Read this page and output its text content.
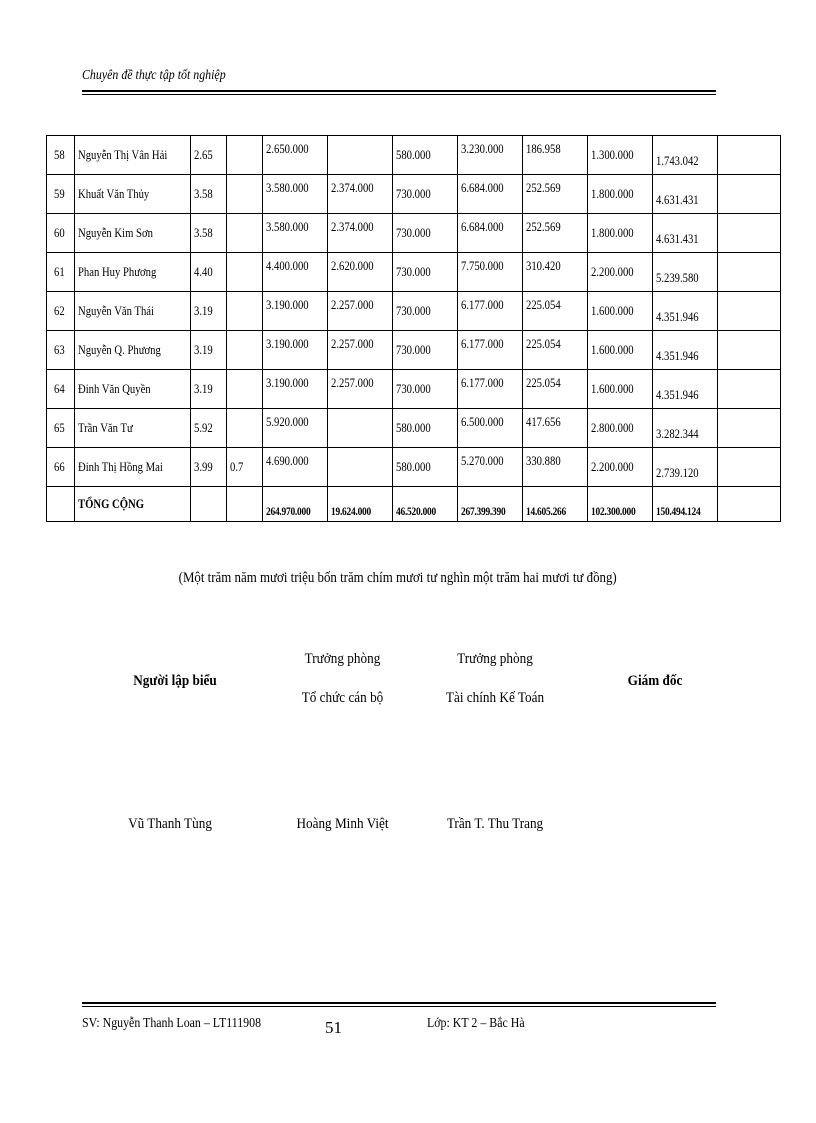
Chuyên đề thực tập tốt nghiệp
58	Nguyễn Thị Vân Hải	2.65		2.650.000		580.000	3.230.000	186.958	1.300.000	1.743.042	
59	Khuất Văn Thủy	3.58		3.580.000	2.374.000	730.000	6.684.000	252.569	1.800.000	4.631.431	
60	Nguyễn Kim Sơn	3.58		3.580.000	2.374.000	730.000	6.684.000	252.569	1.800.000	4.631.431	
61	Phan Huy Phương	4.40		4.400.000	2.620.000	730.000	7.750.000	310.420	2.200.000	5.239.580	
62	Nguyễn Văn Thái	3.19		3.190.000	2.257.000	730.000	6.177.000	225.054	1.600.000	4.351.946	
63	Nguyễn Q. Phương	3.19		3.190.000	2.257.000	730.000	6.177.000	225.054	1.600.000	4.351.946	
64	Đinh Văn Quyền	3.19		3.190.000	2.257.000	730.000	6.177.000	225.054	1.600.000	4.351.946	
65	Trần Văn Tư	5.92		5.920.000		580.000	6.500.000	417.656	2.800.000	3.282.344	
66	Đinh Thị Hồng Mai	3.99	0.7	4.690.000		580.000	5.270.000	330.880	2.200.000	2.739.120	
	TỔNG CỘNG			264.970.000	19.624.000	46.520.000	267.399.390	14.605.266	102.300.000	150.494.124	
(Một trăm năm mươi triệu bốn trăm chím mươi tư nghìn một trăm hai mươi tư đồng)
Người lập biểu
Trưởng phòng
Tổ chức cán bộ
Trưởng phòng
Tài chính Kế Toán
Giám đốc
Vũ Thanh Tùng	Hoàng Minh Việt	Trần T. Thu Trang
SV: Nguyễn Thanh Loan – LT111908	51	Lớp: KT 2 – Bắc Hà
